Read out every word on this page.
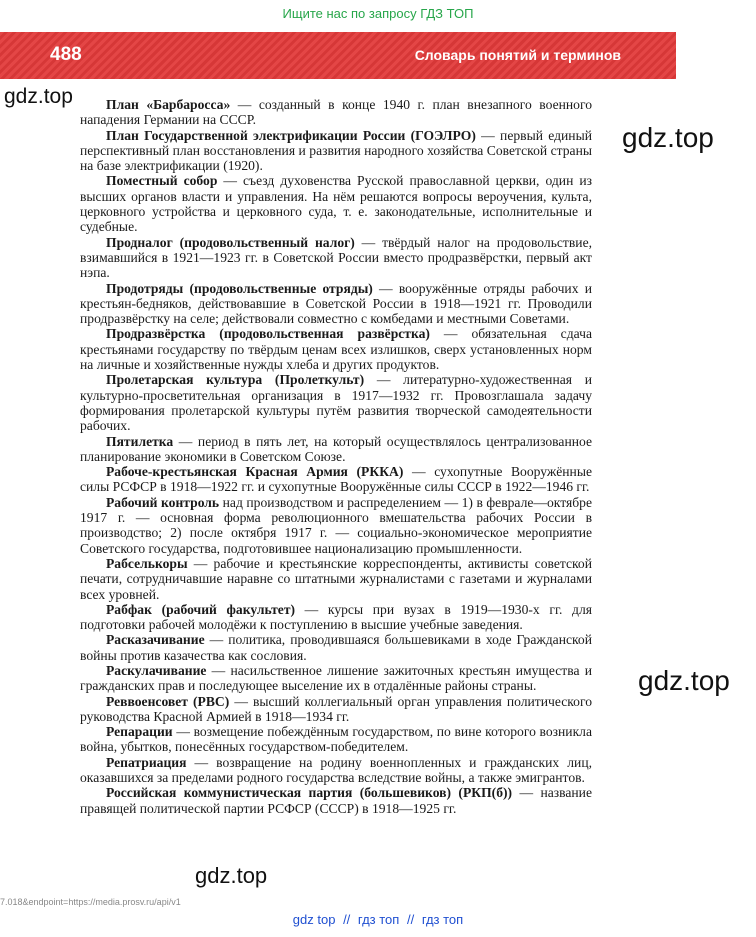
Ищите нас по запросу ГДЗ ТОП
488	Словарь понятий и терминов

План «Барбаросса» — созданный в конце 1940 г. план внезапного военного нападения Германии на СССР.

План Государственной электрификации России (ГОЭЛРО) — первый единый перспективный план восстановления и развития народного хозяйства Советской страны на базе электрификации (1920).

Поместный собор — съезд духовенства Русской православной церкви, один из высших органов власти и управления. На нём решаются вопросы вероучения, культа, церковного устройства и церковного суда, т. е. законодательные, исполнительные и судебные.

Продналог (продовольственный налог) — твёрдый налог на продовольствие, взимавшийся в 1921—1923 гг. в Советской России вместо продразвёрстки, первый акт нэпа.

Продотряды (продовольственные отряды) — вооружённые отряды рабочих и крестьян-бедняков, действовавшие в Советской России в 1918—1921 гг. Проводили продразвёрстку на селе; действовали совместно с комбедами и местными Советами.

Продразвёрстка (продовольственная развёрстка) — обязательная сдача крестьянами государству по твёрдым ценам всех излишков, сверх установленных норм на личные и хозяйственные нужды хлеба и других продуктов.

Пролетарская культура (Пролеткульт) — литературно-художественная и культурно-просветительная организация в 1917—1932 гг. Провозглашала задачу формирования пролетарской культуры путём развития творческой самодеятельности рабочих.

Пятилетка — период в пять лет, на который осуществлялось централизованное планирование экономики в Советском Союзе.

Рабоче-крестьянская Красная Армия (РККА) — сухопутные Вооружённые силы РСФСР в 1918—1922 гг. и сухопутные Вооружённые силы СССР в 1922—1946 гг.

Рабочий контроль над производством и распределением — 1) в феврале—октябре 1917 г. — основная форма революционного вмешательства рабочих России в производство; 2) после октября 1917 г. — социально-экономическое мероприятие Советского государства, подготовившее национализацию промышленности.

Рабселькоры — рабочие и крестьянские корреспонденты, активисты советской печати, сотрудничавшие наравне со штатными журналистами с газетами и журналами всех уровней.

Рабфак (рабочий факультет) — курсы при вузах в 1919—1930-х гг. для подготовки рабочей молодёжи к поступлению в высшие учебные заведения.

Расказачивание — политика, проводившаяся большевиками в ходе Гражданской войны против казачества как сословия.

Раскулачивание — насильственное лишение зажиточных крестьян имущества и гражданских прав и последующее выселение их в отдалённые районы страны.

Реввоенсовет (РВС) — высший коллегиальный орган управления политического руководства Красной Армией в 1918—1934 гг.

Репарации — возмещение побеждённым государством, по вине которого возникла война, убытков, понесённых государством-победителем.

Репатриация — возвращение на родину военнопленных и гражданских лиц, оказавшихся за пределами родного государства вследствие войны, а также эмигрантов.

Российская коммунистическая партия (большевиков) (РКП(б)) — название правящей политической партии РСФСР (СССР) в 1918—1925 гг.

gdz.top
gdz.top
gdz.top
gdz.top
7.018&endpoint=https://media.prosv.ru/api/v1
gdz top // гдз топ // гдз топ
